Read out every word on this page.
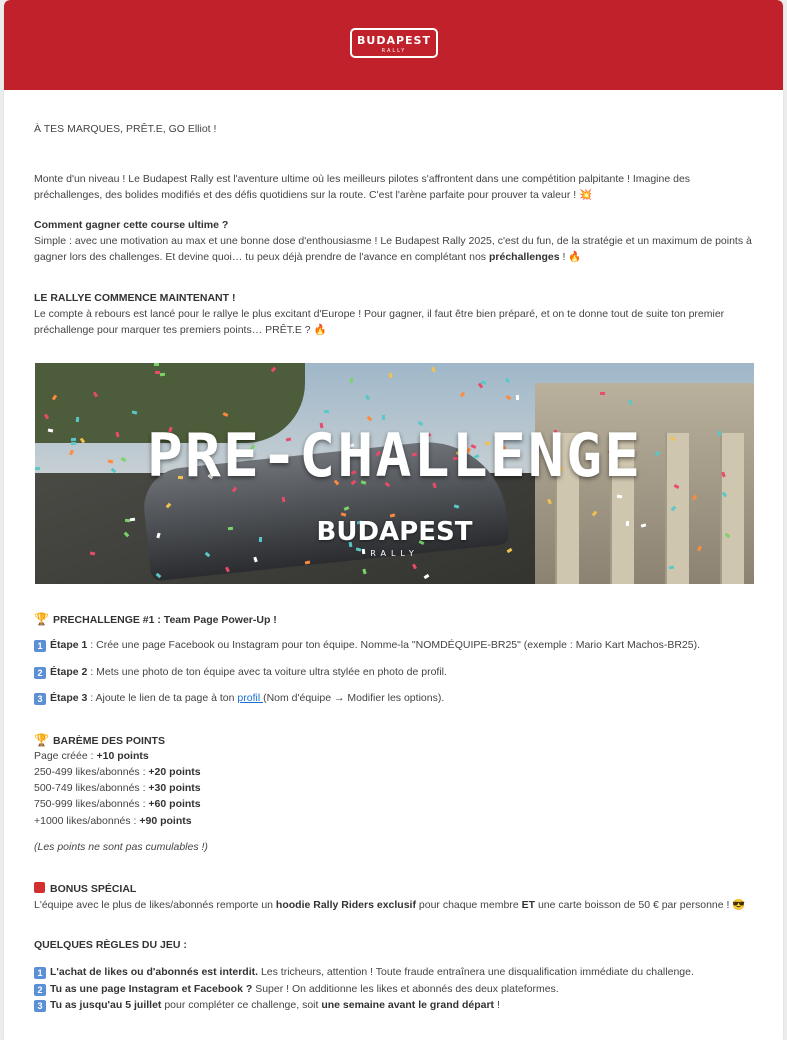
BUDAPEST
RALLY

À TES MARQUES, PRÊT.E, GO Elliot !

Monte d'un niveau ! Le Budapest Rally est l'aventure ultime où les meilleurs pilotes s'affrontent dans une compétition palpitante ! Imagine des préchallenges, des bolides modifiés et des défis quotidiens sur la route. C'est l'arène parfaite pour prouver ta valeur ! 💥

Comment gagner cette course ultime ?

Simple : avec une motivation au max et une bonne dose d'enthousiasme ! Le Budapest Rally 2025, c'est du fun, de la stratégie et un maximum de points à gagner lors des challenges. Et devine quoi… tu peux déjà prendre de l'avance en complétant nos préchallenges ! 🔥

LE RALLYE COMMENCE MAINTENANT !

Le compte à rebours est lancé pour le rallye le plus excitant d'Europe ! Pour gagner, il faut être bien préparé, et on te donne tout de suite ton premier préchallenge pour marquer tes premiers points… PRÊT.E ? 🔥

🏆 PRECHALLENGE #1 : Team Page Power-Up !

1 Étape 1 : Crée une page Facebook ou Instagram pour ton équipe. Nomme-la "NOMDÉQUIPE-BR25" (exemple : Mario Kart Machos-BR25).

2 Étape 2 : Mets une photo de ton équipe avec ta voiture ultra stylée en photo de profil.

3 Étape 3 : Ajoute le lien de ta page à ton profil (Nom d'équipe → Modifier les options).

🏆 BARÈME DES POINTS

Page créée : +10 points

250-499 likes/abonnés : +20 points

500-749 likes/abonnés : +30 points

750-999 likes/abonnés : +60 points

+1000 likes/abonnés : +90 points

(Les points ne sont pas cumulables !)

BONUS SPÉCIAL

L'équipe avec le plus de likes/abonnés remporte un hoodie Rally Riders exclusif pour chaque membre ET une carte boisson de 50 € par personne ! 😎

QUELQUES RÈGLES DU JEU :

1 L'achat de likes ou d'abonnés est interdit. Les tricheurs, attention ! Toute fraude entraînera une disqualification immédiate du challenge.

2 Tu as une page Instagram et Facebook ? Super ! On additionne les likes et abonnés des deux plateformes.

3 Tu as jusqu'au 5 juillet pour compléter ce challenge, soit une semaine avant le grand départ !

PRE-CHALLENGE
BUDAPEST
RALLY
